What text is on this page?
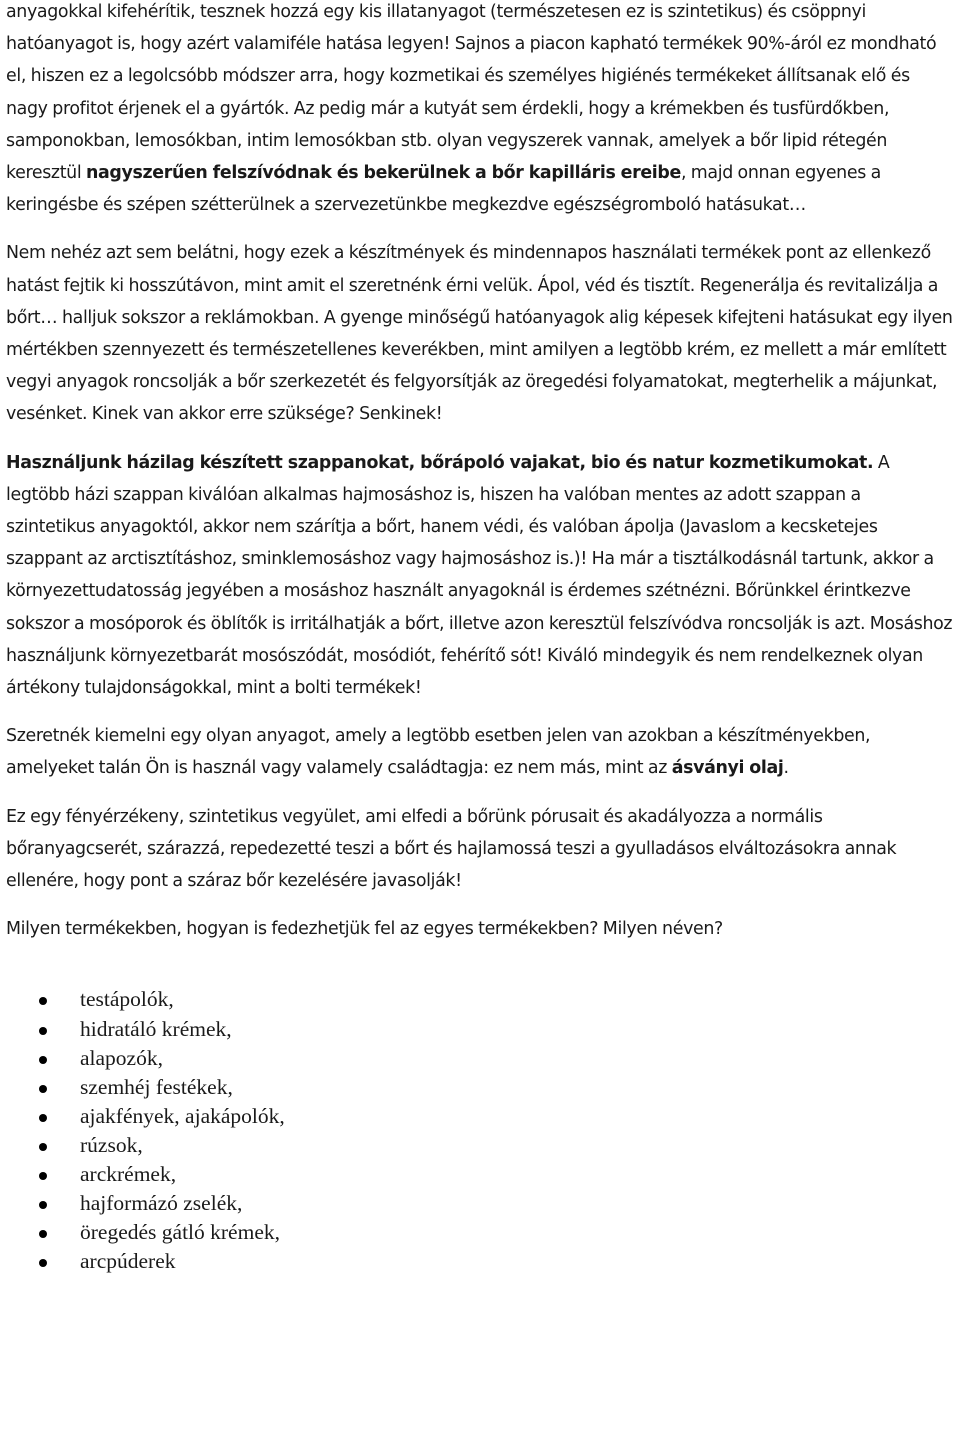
anyagokkal kifehérítik, tesznek hozzá egy kis illatanyagot (természetesen ez is szintetikus) és csöppnyi hatóanyagot is, hogy azért valamiféle hatása legyen! Sajnos a piacon kapható termékek 90%-áról ez mondható el, hiszen ez a legolcsóbb módszer arra, hogy kozmetikai és személyes higiénés termékeket állítsanak elő és nagy profitot érjenek el a gyártók. Az pedig már a kutyát sem érdekli, hogy a krémekben és tusfürdőkben, samponokban, lemosókban, intim lemosókban stb. olyan vegyszerek vannak, amelyek a bőr lipid rétegén keresztül nagyszerűen felszívódnak és bekerülnek a bőr kapilláris ereibe, majd onnan egyenes a keringésbe és szépen szétterülnek a szervezetünkbe megkezdve egészségromboló hatásukat…

Nem nehéz azt sem belátni, hogy ezek a készítmények és mindennapos használati termékek pont az ellenkező hatást fejtik ki hosszútávon, mint amit el szeretnénk érni velük. Ápol, véd és tisztít. Regenerálja és revitalizálja a bőrt… halljuk sokszor a reklámokban. A gyenge minőségű hatóanyagok alig képesek kifejteni hatásukat egy ilyen mértékben szennyezett és természetellenes keverékben, mint amilyen a legtöbb krém, ez mellett a már említett vegyi anyagok roncsolják a bőr szerkezetét és felgyorsítják az öregedési folyamatokat, megterhelik a májunkat, vesénket. Kinek van akkor erre szüksége? Senkinek!

Használjunk házilag készített szappanokat, bőrápoló vajakat, bio és natur kozmetikumokat. A legtöbb házi szappan kiválóan alkalmas hajmosáshoz is, hiszen ha valóban mentes az adott szappan a szintetikus anyagoktól, akkor nem szárítja a bőrt, hanem védi, és valóban ápolja (Javaslom a kecsketejes szappant az arctisztításhoz, sminklemosáshoz vagy hajmosáshoz is.)! Ha már a tisztálkodásnál tartunk, akkor a környezettudatosság jegyében a mosáshoz használt anyagoknál is érdemes szétnézni. Bőrünkkel érintkezve sokszor a mosóporok és öblítők is irritálhatják a bőrt, illetve azon keresztül felszívódva roncsolják is azt. Mosáshoz használjunk környezetbarát mosószódát, mosódiót, fehérítő sót! Kiváló mindegyik és nem rendelkeznek olyan ártékony tulajdonságokkal, mint a bolti termékek!

Szeretnék kiemelni egy olyan anyagot, amely a legtöbb esetben jelen van azokban a készítményekben, amelyeket talán Ön is használ vagy valamely családtagja: ez nem más, mint az ásványi olaj.

Ez egy fényérzékeny, szintetikus vegyület, ami elfedi a bőrünk pórusait és akadályozza a normális bőranyagcserét, szárazzá, repedezetté teszi a bőrt és hajlamossá teszi a gyulladásos elváltozásokra annak ellenére, hogy pont a száraz bőr kezelésére javasolják!

Milyen termékekben, hogyan is fedezhetjük fel az egyes termékekben? Milyen néven?

testápolók,
hidratáló krémek,
alapozók,
szemhéj festékek,
ajakfények, ajakápolók,
rúzsok,
arckrémek,
hajformázó zselék,
öregedés gátló krémek,
arcpúderek
